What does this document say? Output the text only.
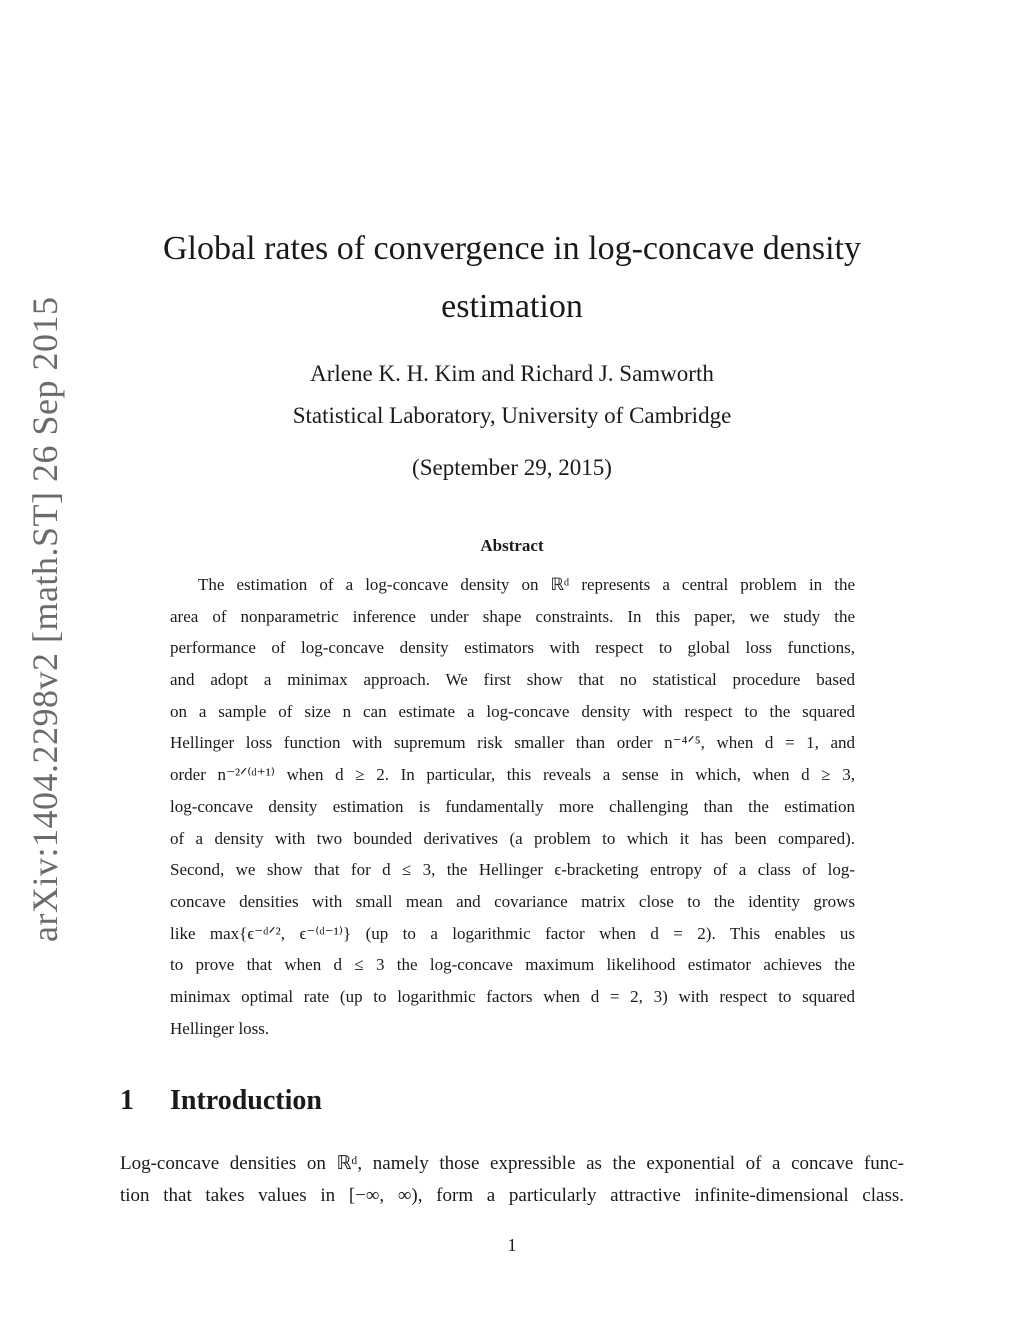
arXiv:1404.2298v2 [math.ST] 26 Sep 2015
Global rates of convergence in log-concave density estimation
Arlene K. H. Kim and Richard J. Samworth
Statistical Laboratory, University of Cambridge
(September 29, 2015)
Abstract
The estimation of a log-concave density on ℝᵈ represents a central problem in the
area of nonparametric inference under shape constraints. In this paper, we study the
performance of log-concave density estimators with respect to global loss functions,
and adopt a minimax approach. We first show that no statistical procedure based
on a sample of size n can estimate a log-concave density with respect to the squared
Hellinger loss function with supremum risk smaller than order n⁻⁴ᐟ⁵, when d = 1, and
order n⁻²ᐟ⁽ᵈ⁺¹⁾ when d ≥ 2. In particular, this reveals a sense in which, when d ≥ 3,
log-concave density estimation is fundamentally more challenging than the estimation
of a density with two bounded derivatives (a problem to which it has been compared).
Second, we show that for d ≤ 3, the Hellinger ϵ-bracketing entropy of a class of log-
concave densities with small mean and covariance matrix close to the identity grows
like max{ϵ⁻ᵈᐟ², ϵ⁻⁽ᵈ⁻¹⁾} (up to a logarithmic factor when d = 2). This enables us
to prove that when d ≤ 3 the log-concave maximum likelihood estimator achieves the
minimax optimal rate (up to logarithmic factors when d = 2, 3) with respect to squared
Hellinger loss.
1 Introduction
Log-concave densities on ℝᵈ, namely those expressible as the exponential of a concave func-
tion that takes values in [−∞, ∞), form a particularly attractive infinite-dimensional class.
1
